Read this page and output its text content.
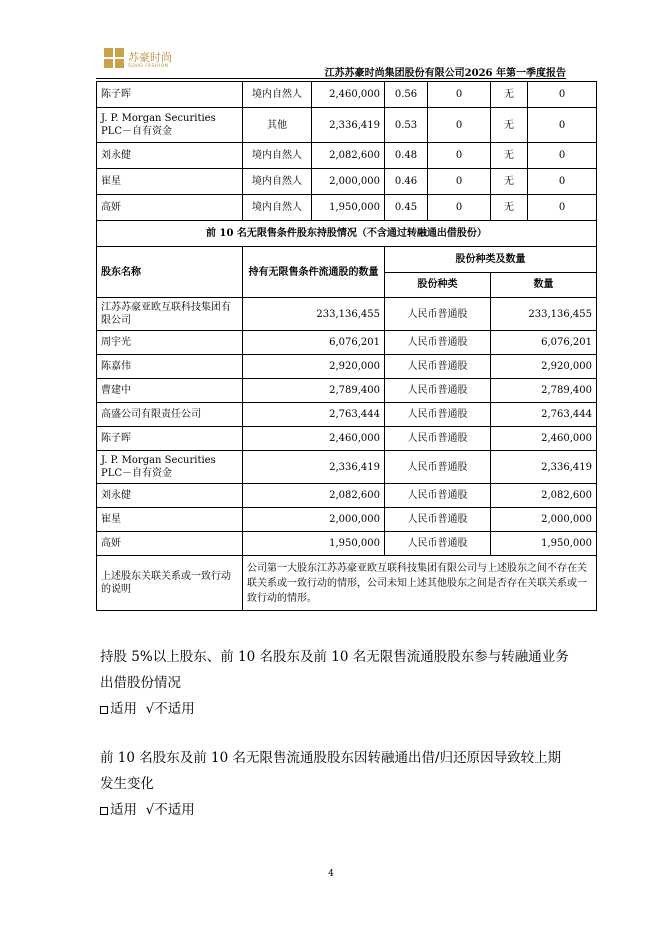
苏豪时尚
SOHO FASHION
江苏苏豪时尚集团股份有限公司2026 年第一季度报告
陈子晖	境内自然人	2,460,000	0.56	0	无	0
J. P. Morgan Securities PLC－自有资金	其他	2,336,419	0.53	0	无	0
刘永健	境内自然人	2,082,600	0.48	0	无	0
崔星	境内自然人	2,000,000	0.46	0	无	0
高妍	境内自然人	1,950,000	0.45	0	无	0
前 10 名无限售条件股东持股情况（不含通过转融通出借股份）						
股东名称	持有无限售条件流通股的数量		股份种类及数量			
			股份种类		数量	
江苏苏豪亚欧互联科技集团有限公司	233,136,455		人民币普通股		233,136,455	
周宇光	6,076,201		人民币普通股		6,076,201	
陈嘉伟	2,920,000		人民币普通股		2,920,000	
曹建中	2,789,400		人民币普通股		2,789,400	
高盛公司有限责任公司	2,763,444		人民币普通股		2,763,444	
陈子晖	2,460,000		人民币普通股		2,460,000	
J. P. Morgan Securities PLC－自有资金	2,336,419		人民币普通股		2,336,419	
刘永健	2,082,600		人民币普通股		2,082,600	
崔星	2,000,000		人民币普通股		2,000,000	
高妍	1,950,000		人民币普通股		1,950,000	
上述股东关联关系或一致行动的说明	公司第一大股东江苏苏豪亚欧互联科技集团有限公司与上述股东之间不存在关联关系或一致行动的情形，公司未知上述其他股东之间是否存在关联关系或一致行动的情形。					
持股 5%以上股东、前 10 名股东及前 10 名无限售流通股股东参与转融通业务出借股份情况
适用 √不适用
前 10 名股东及前 10 名无限售流通股股东因转融通出借/归还原因导致较上期发生变化
适用 √不适用
4
